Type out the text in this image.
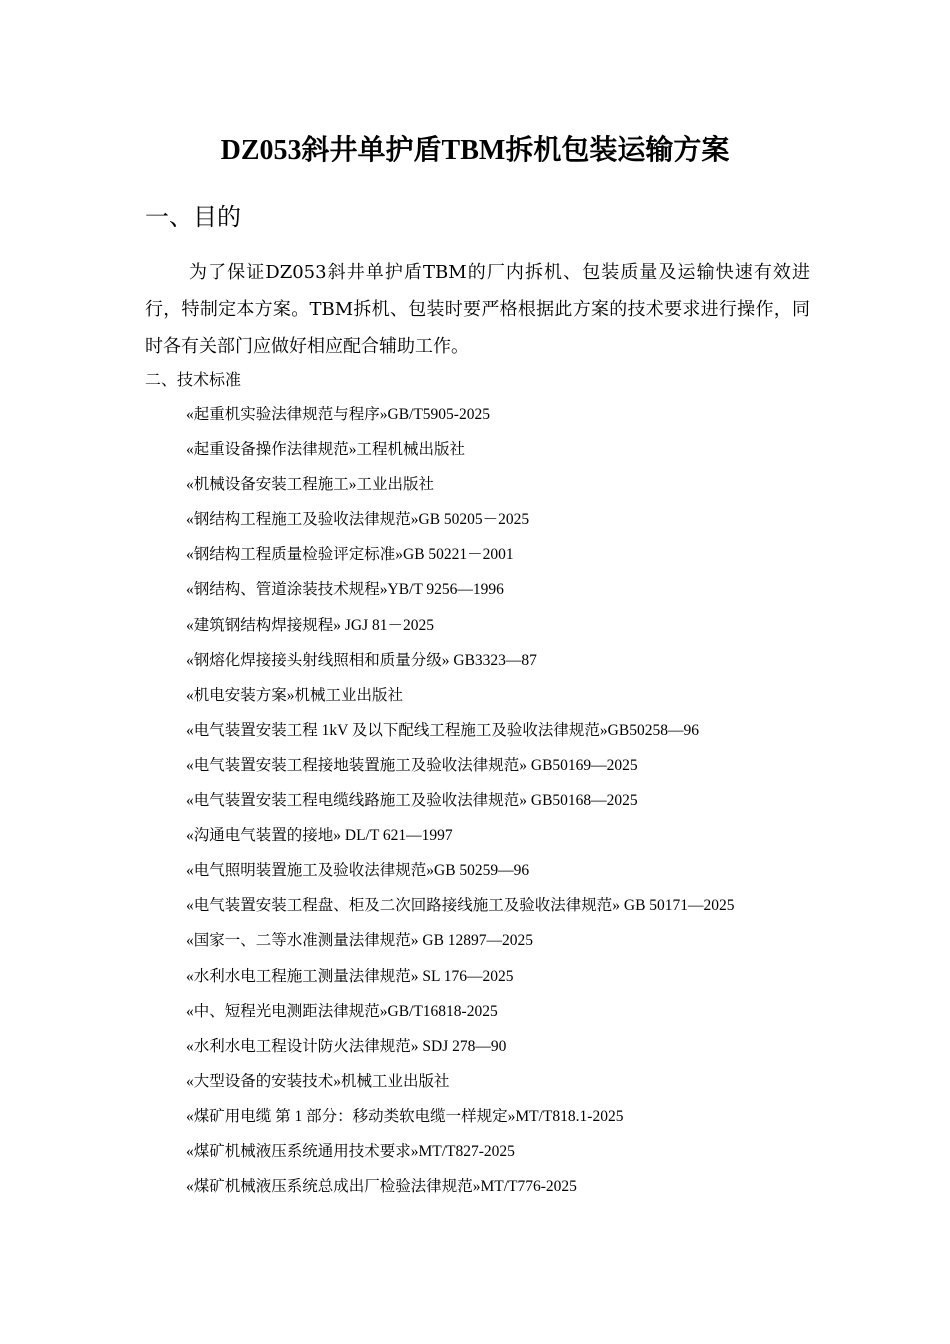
DZ053斜井单护盾TBM拆机包装运输方案
一、目的
为了保证DZ053斜井单护盾TBM的厂内拆机、包装质量及运输快速有效进行，特制定本方案。TBM拆机、包装时要严格根据此方案的技术要求进行操作，同时各有关部门应做好相应配合辅助工作。
二、技术标准
«起重机实验法律规范与程序»GB/T5905-2025
«起重设备操作法律规范»工程机械出版社
«机械设备安装工程施工»工业出版社
«钢结构工程施工及验收法律规范»GB 50205－2025
«钢结构工程质量检验评定标准»GB 50221－2001
«钢结构、管道涂装技术规程»YB/T 9256—1996
«建筑钢结构焊接规程» JGJ 81－2025
«钢熔化焊接接头射线照相和质量分级» GB3323—87
«机电安装方案»机械工业出版社
«电气装置安装工程 1kV 及以下配线工程施工及验收法律规范»GB50258—96
«电气装置安装工程接地装置施工及验收法律规范» GB50169—2025
«电气装置安装工程电缆线路施工及验收法律规范» GB50168—2025
«沟通电气装置的接地» DL/T 621—1997
«电气照明装置施工及验收法律规范»GB 50259—96
«电气装置安装工程盘、柜及二次回路接线施工及验收法律规范» GB 50171—2025
«国家一、二等水准测量法律规范» GB 12897—2025
«水利水电工程施工测量法律规范» SL 176—2025
«中、短程光电测距法律规范»GB/T16818-2025
«水利水电工程设计防火法律规范» SDJ 278—90
«大型设备的安装技术»机械工业出版社
«煤矿用电缆 第 1 部分：移动类软电缆一样规定»MT/T818.1-2025
«煤矿机械液压系统通用技术要求»MT/T827-2025
«煤矿机械液压系统总成出厂检验法律规范»MT/T776-2025
